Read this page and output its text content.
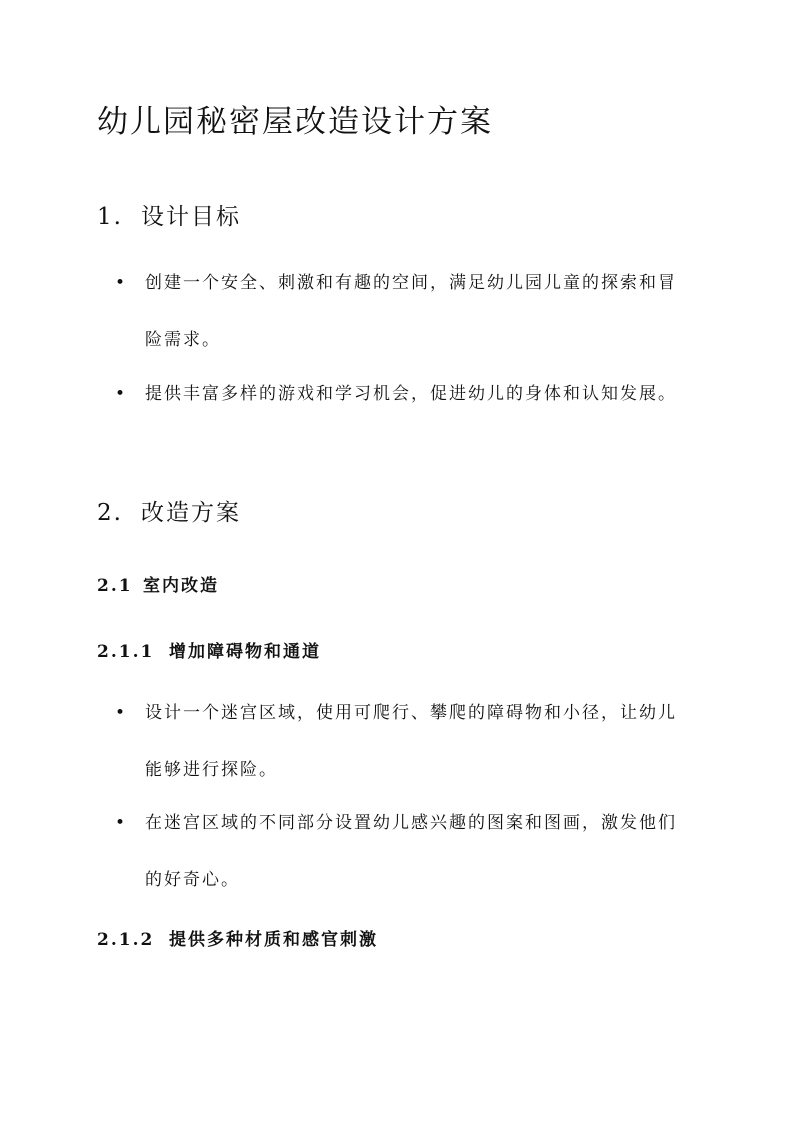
幼儿园秘密屋改造设计方案
1. 设计目标
•	创建一个安全、刺激和有趣的空间，满足幼儿园儿童的探索和冒险需求。
•	提供丰富多样的游戏和学习机会，促进幼儿的身体和认知发展。
2. 改造方案
2.1 室内改造
2.1.1 增加障碍物和通道
•	设计一个迷宫区域，使用可爬行、攀爬的障碍物和小径，让幼儿能够进行探险。
•	在迷宫区域的不同部分设置幼儿感兴趣的图案和图画，激发他们的好奇心。
2.1.2 提供多种材质和感官刺激
